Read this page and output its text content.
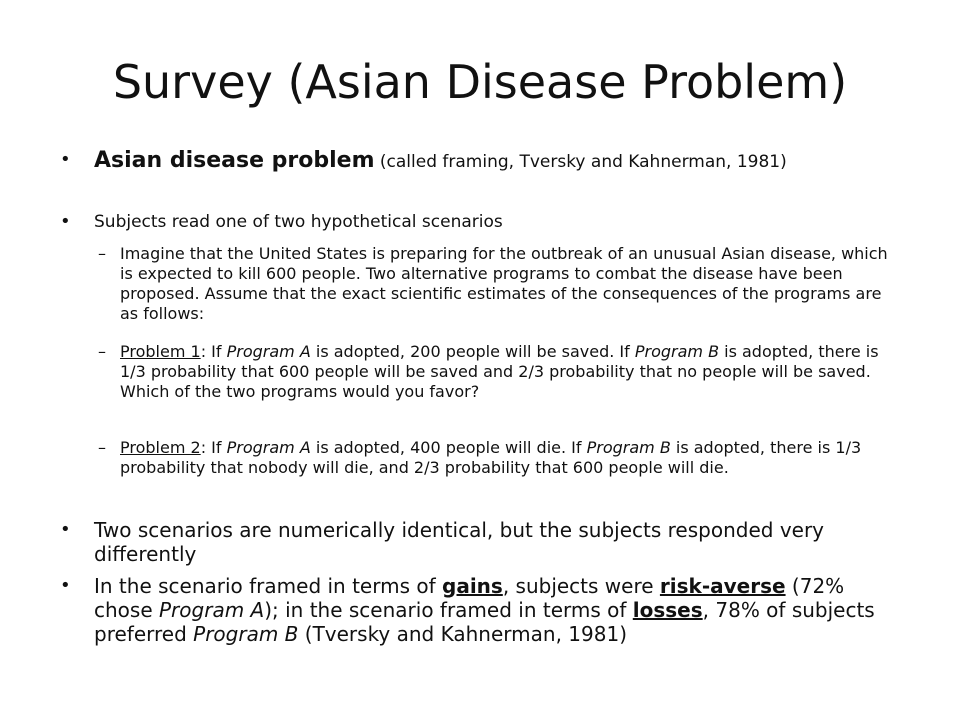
Survey (Asian Disease Problem)
• Asian disease problem (called framing, Tversky and Kahnerman, 1981)
• Subjects read one of two hypothetical scenarios
– Imagine that the United States is preparing for the outbreak of an unusual Asian disease, which is expected to kill 600 people. Two alternative programs to combat the disease have been proposed. Assume that the exact scientific estimates of the consequences of the programs are as follows:
– Problem 1: If Program A is adopted, 200 people will be saved. If Program B is adopted, there is 1/3 probability that 600 people will be saved and 2/3 probability that no people will be saved. Which of the two programs would you favor?
– Problem 2: If Program A is adopted, 400 people will die. If Program B is adopted, there is 1/3 probability that nobody will die, and 2/3 probability that 600 people will die.
• Two scenarios are numerically identical, but the subjects responded very differently
• In the scenario framed in terms of gains, subjects were risk-averse (72% chose Program A); in the scenario framed in terms of losses, 78% of subjects preferred Program B (Tversky and Kahnerman, 1981)
